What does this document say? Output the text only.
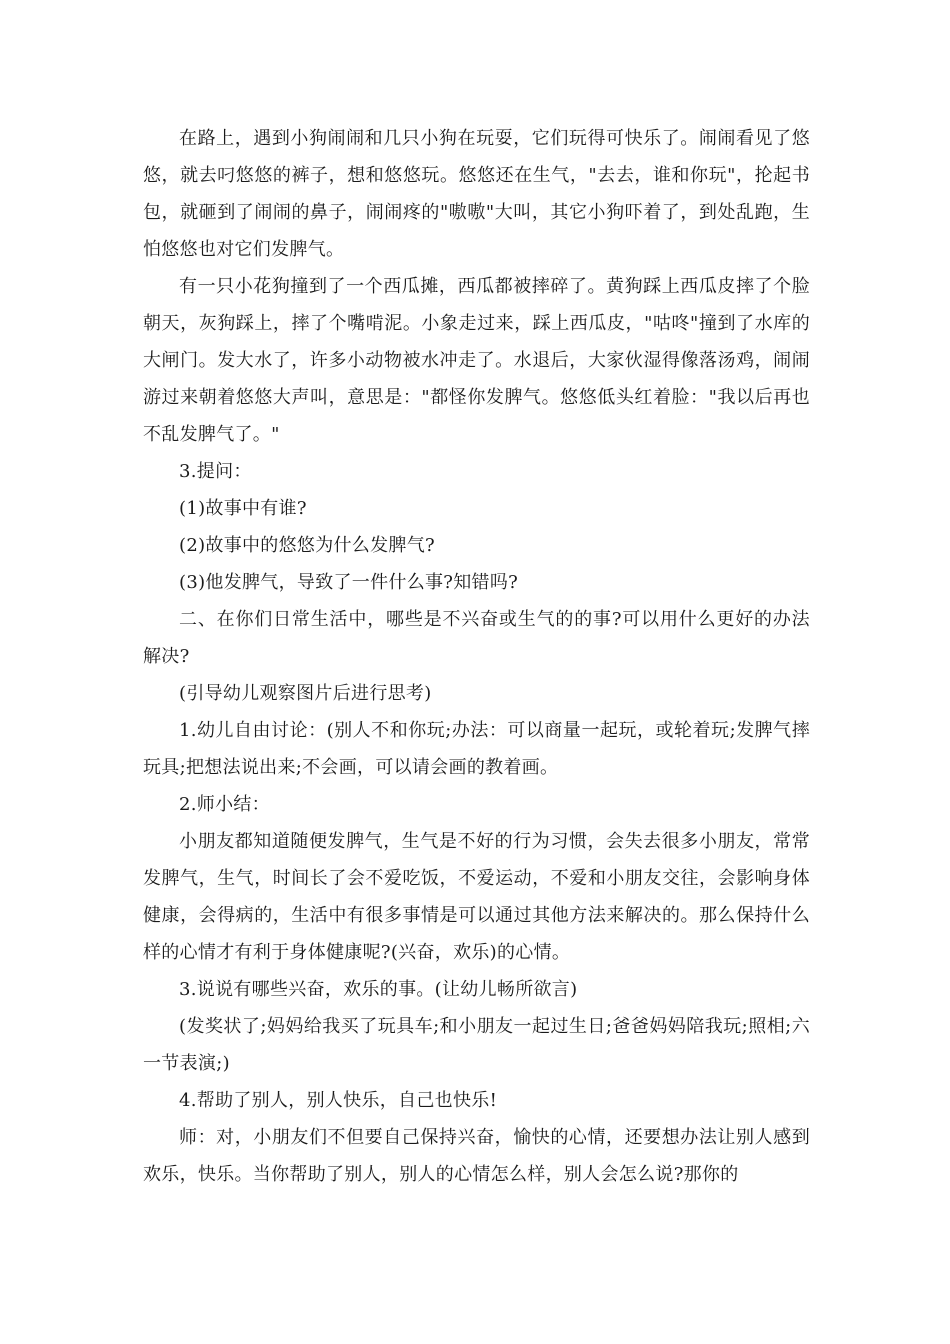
在路上，遇到小狗闹闹和几只小狗在玩耍，它们玩得可快乐了。闹闹看见了悠悠，就去叼悠悠的裤子，想和悠悠玩。悠悠还在生气，"去去，谁和你玩"，抡起书包，就砸到了闹闹的鼻子，闹闹疼的"嗷嗷"大叫，其它小狗吓着了，到处乱跑，生怕悠悠也对它们发脾气。

有一只小花狗撞到了一个西瓜摊，西瓜都被摔碎了。黄狗踩上西瓜皮摔了个脸朝天，灰狗踩上，摔了个嘴啃泥。小象走过来，踩上西瓜皮，"咕咚"撞到了水库的大闸门。发大水了，许多小动物被水冲走了。水退后，大家伙湿得像落汤鸡，闹闹游过来朝着悠悠大声叫，意思是："都怪你发脾气。悠悠低头红着脸："我以后再也不乱发脾气了。"

3.提问：

(1)故事中有谁?

(2)故事中的悠悠为什么发脾气?

(3)他发脾气，导致了一件什么事?知错吗?

二、在你们日常生活中，哪些是不兴奋或生气的的事?可以用什么更好的办法解决?

(引导幼儿观察图片后进行思考)

1.幼儿自由讨论：(别人不和你玩;办法：可以商量一起玩，或轮着玩;发脾气摔玩具;把想法说出来;不会画，可以请会画的教着画。

2.师小结：

小朋友都知道随便发脾气，生气是不好的行为习惯，会失去很多小朋友，常常发脾气，生气，时间长了会不爱吃饭，不爱运动，不爱和小朋友交往，会影响身体健康，会得病的，生活中有很多事情是可以通过其他方法来解决的。那么保持什么样的心情才有利于身体健康呢?(兴奋，欢乐)的心情。

3.说说有哪些兴奋，欢乐的事。(让幼儿畅所欲言)

(发奖状了;妈妈给我买了玩具车;和小朋友一起过生日;爸爸妈妈陪我玩;照相;六一节表演;)

4.帮助了别人，别人快乐，自己也快乐!

师：对，小朋友们不但要自己保持兴奋，愉快的心情，还要想办法让别人感到欢乐，快乐。当你帮助了别人，别人的心情怎么样，别人会怎么说?那你的
